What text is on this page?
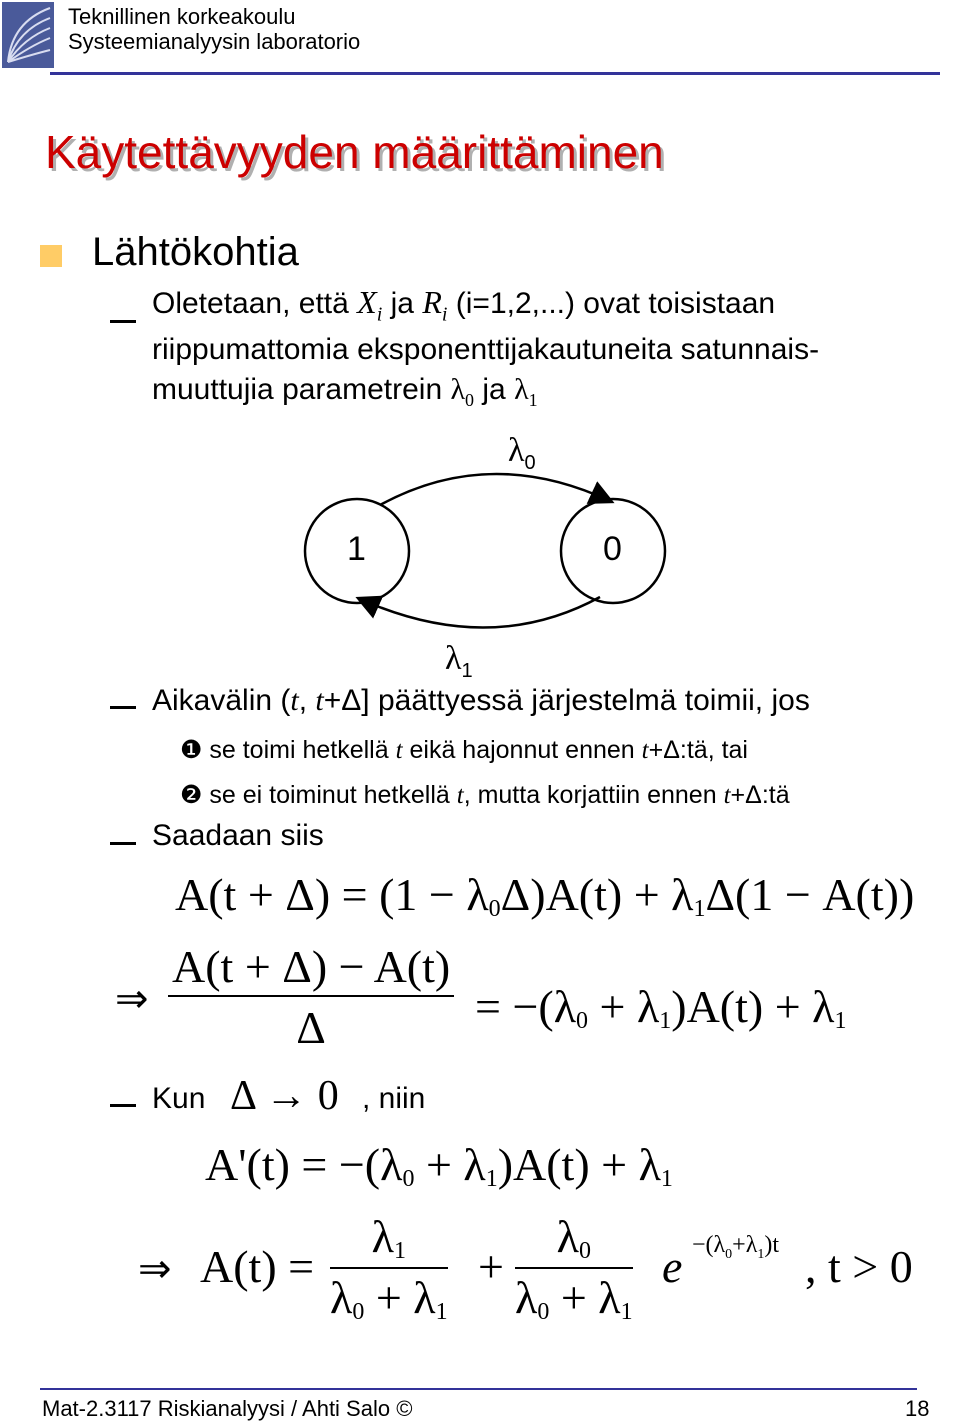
Teknillinen korkeakoulu
Systeemianalyysin laboratorio
Käytettävyyden määrittäminen
Lähtökohtia
Oletetaan, että $X_i$ ja $R_i$ (i=1,2,...) ovat toisistaan
riippumattomia eksponenttijakautuneita satunnais-
muuttujia parametrein $\lambda_0$ ja $\lambda_1$
1	0
$\lambda_0$
$\lambda_1$
Aikavälin (t, t+Δ] päättyessä järjestelmä toimii, jos
❶ se toimi hetkellä t eikä hajonnut ennen t+Δ:tä, tai
❷ se ei toiminut hetkellä t, mutta korjattiin ennen t+Δ:tä
Saadaan siis
$A(t + \Delta) = (1 - \lambda_0\Delta)A(t) + \lambda_1\Delta(1 - A(t))$
⇒ $\frac{A(t + \Delta) - A(t)}{\Delta} = -(\lambda_0 + \lambda_1)A(t) + \lambda_1$
Kun Δ → 0 , niin
$A'(t) = -(\lambda_0 + \lambda_1)A(t) + \lambda_1$
⇒ $A(t) = \frac{\lambda_1}{\lambda_0 + \lambda_1} + \frac{\lambda_0}{\lambda_0 + \lambda_1}$ $e -(\lambda_0+\lambda_1)t$ , t > 0
Mat-2.3117 Riskianalyysi / Ahti Salo ©	18
